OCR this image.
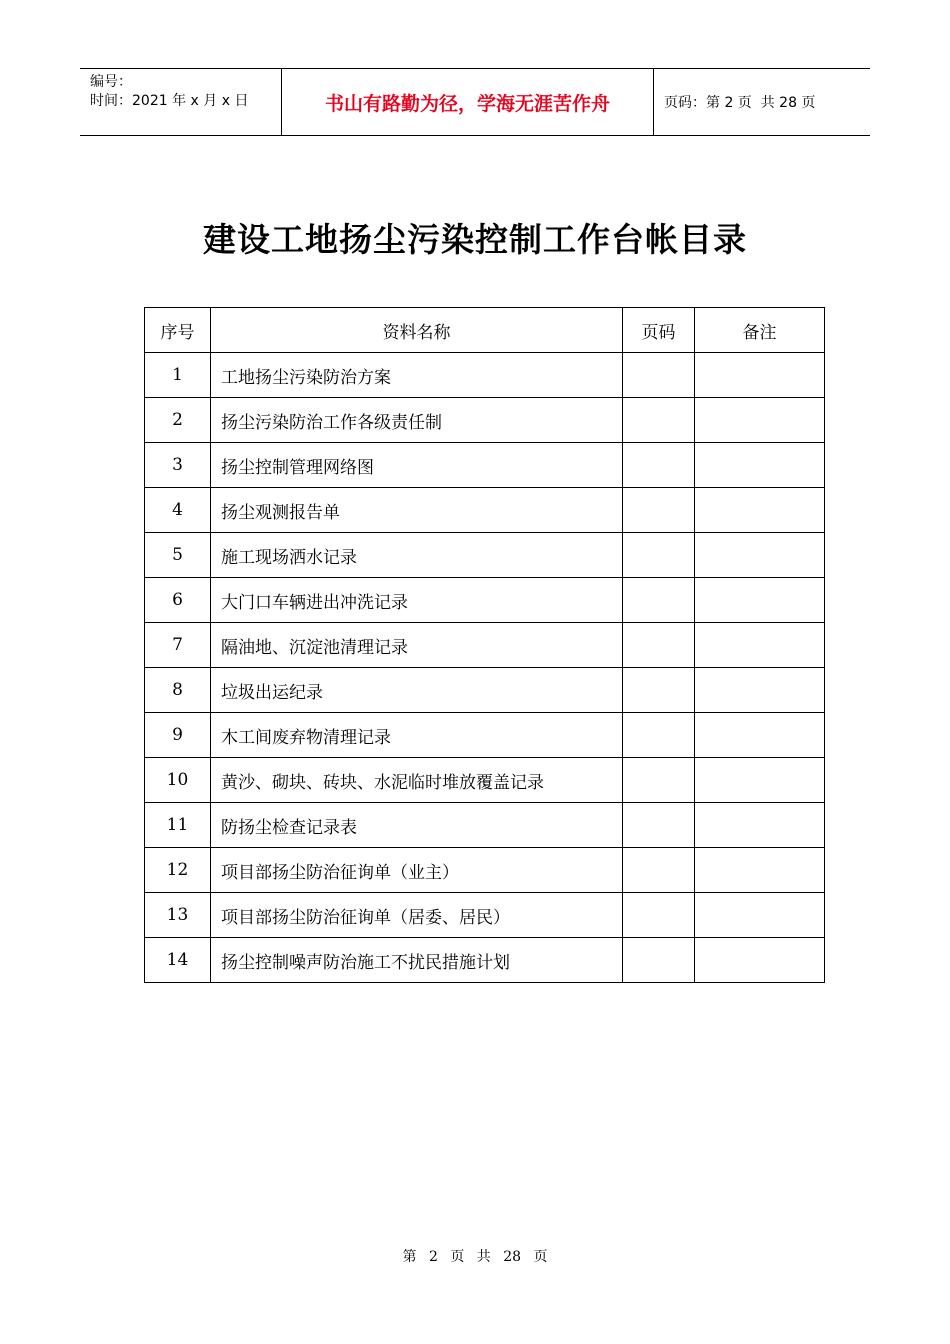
编号：
时间：2021 年 x 月 x 日	书山有路勤为径，学海无涯苦作舟	页码：第 2 页  共 28 页
建设工地扬尘污染控制工作台帐目录
序号	资料名称	页码	备注
1	工地扬尘污染防治方案		
2	扬尘污染防治工作各级责任制		
3	扬尘控制管理网络图		
4	扬尘观测报告单		
5	施工现场洒水记录		
6	大门口车辆进出冲洗记录		
7	隔油地、沉淀池清理记录		
8	垃圾出运纪录		
9	木工间废弃物清理记录		
10	黄沙、砌块、砖块、水泥临时堆放覆盖记录		
11	防扬尘检查记录表		
12	项目部扬尘防治征询单（业主）		
13	项目部扬尘防治征询单（居委、居民）		
14	扬尘控制噪声防治施工不扰民措施计划		
第 2 页 共 28 页
